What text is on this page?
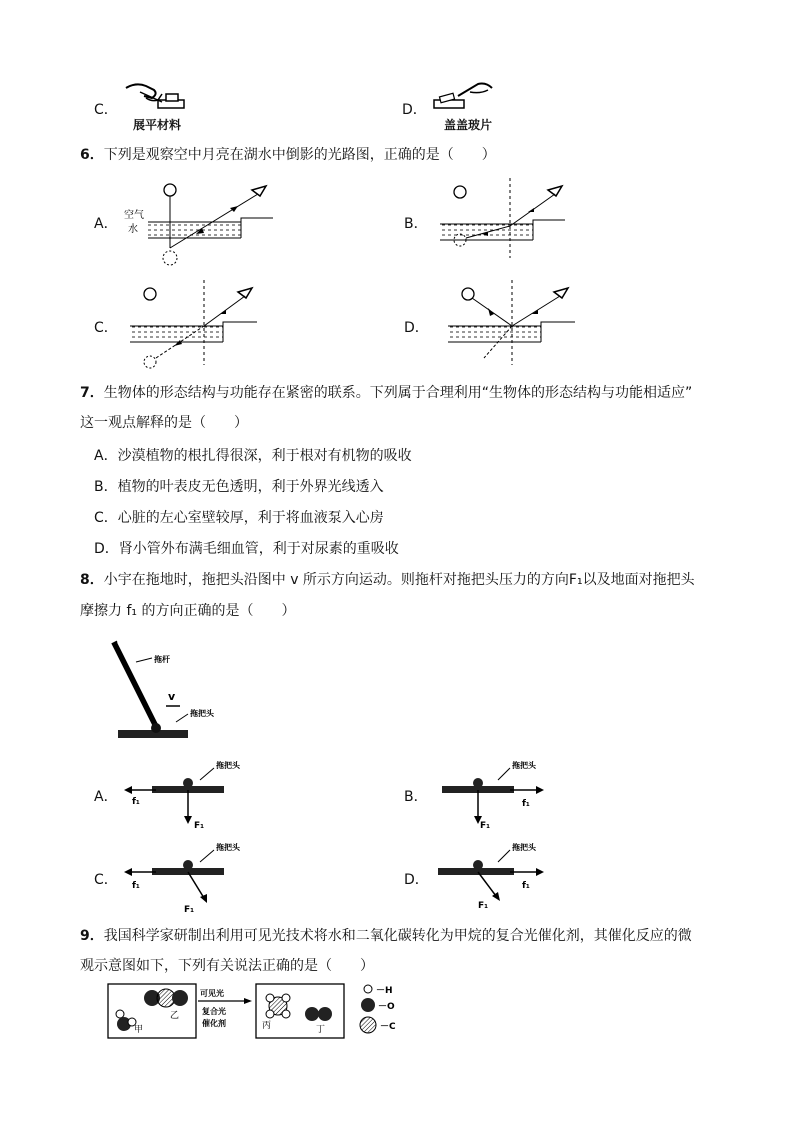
C．
展平材料
D．
盖盖玻片
6．下列是观察空中月亮在湖水中倒影的光路图，正确的是（　　）
A．
空气
水	B．
C．	D．
7．生物体的形态结构与功能存在紧密的联系。下列属于合理利用“生物体的形态结构与功能相适应”
这一观点解释的是（　　）
A．沙漠植物的根扎得很深，利于根对有机物的吸收
B．植物的叶表皮无色透明，利于外界光线透入
C．心脏的左心室壁较厚，利于将血液泵入心房
D．肾小管外布满毛细血管，利于对尿素的重吸收
8．小宇在拖地时，拖把头沿图中 v 所示方向运动。则拖杆对拖把头压力的方向F₁以及地面对拖把头
摩擦力 f₁ 的方向正确的是（　　）
拖杆
v
拖把头
A．
拖把头
f₁
F₁
B．
拖把头
f₁
F₁
C．
拖把头
f₁
F₁
D．
拖把头
f₁
F₁
9．我国科学家研制出利用可见光技术将水和二氧化碳转化为甲烷的复合光催化剂，其催化反应的微
观示意图如下，下列有关说法正确的是（　　）
乙
甲
可见光
复合光
催化剂	丙	丁
－H
－O
－C
